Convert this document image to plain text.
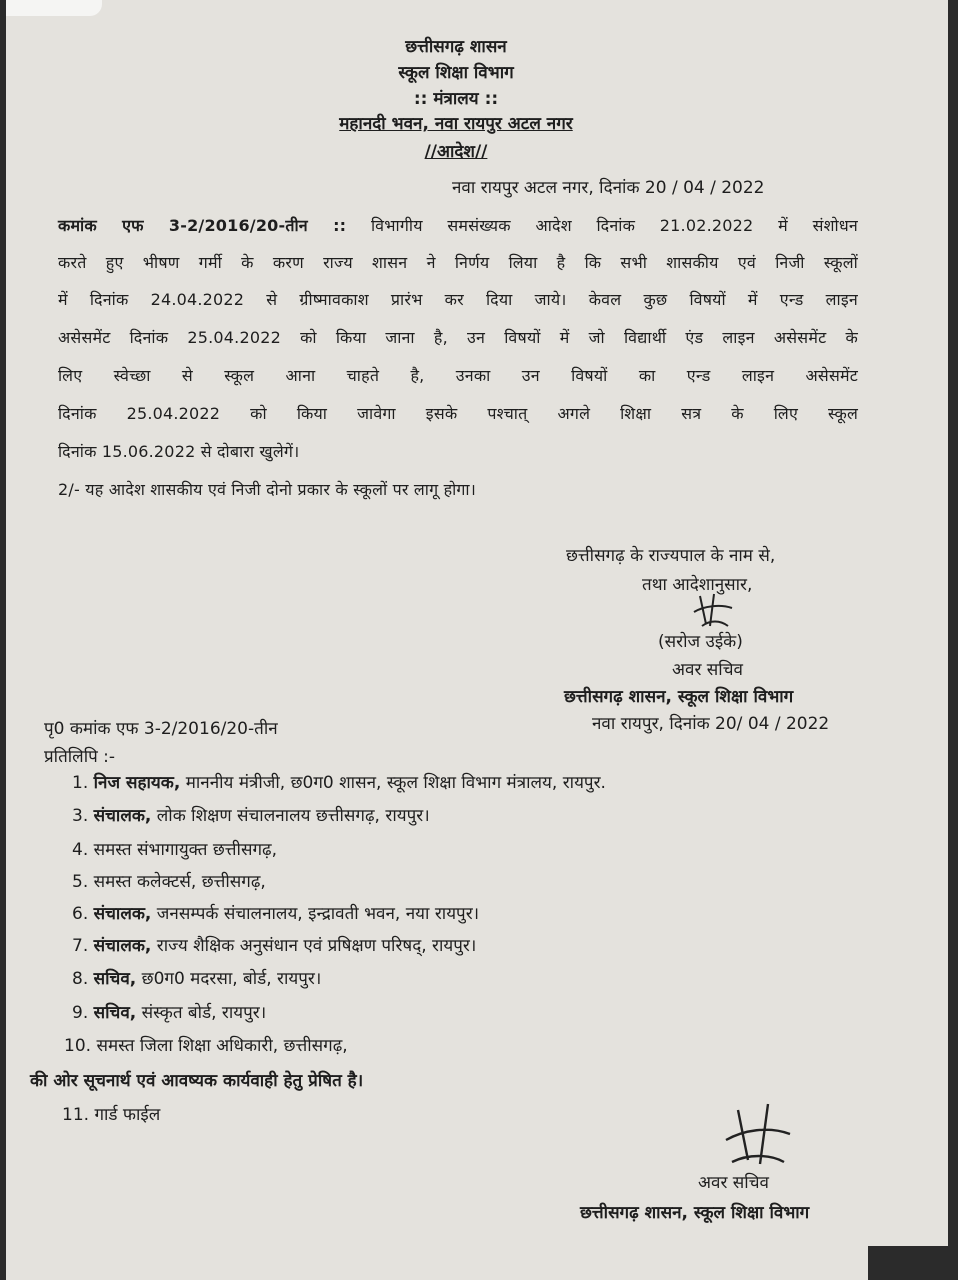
छत्तीसगढ़ शासन
स्कूल शिक्षा विभाग
:: मंत्रालय ::
महानदी भवन, नवा रायपुर अटल नगर
//आदेश//
नवा रायपुर अटल नगर, दिनांक 20 / 04 / 2022
कमांक एफ 3-2/2016/20-तीन :: विभागीय समसंख्यक आदेश दिनांक 21.02.2022 में संशोधन
करते हुए भीषण गर्मी के करण राज्य शासन ने निर्णय लिया है कि सभी शासकीय एवं निजी स्कूलों
में दिनांक 24.04.2022 से ग्रीष्मावकाश प्रारंभ कर दिया जाये। केवल कुछ विषयों में एन्ड लाइन
असेसमेंट दिनांक 25.04.2022 को किया जाना है, उन विषयों में जो विद्यार्थी एंड लाइन असेसमेंट के
लिए स्वेच्छा से स्कूल आना चाहते है, उनका उन विषयों का एन्ड लाइन असेसमेंट
दिनांक 25.04.2022 को किया जावेगा इसके पश्चात् अगले शिक्षा सत्र के लिए स्कूल
दिनांक 15.06.2022 से दोबारा खुलेगें।
2/- यह आदेश शासकीय एवं निजी दोनो प्रकार के स्कूलों पर लागू होगा।
छत्तीसगढ़ के राज्यपाल के नाम से,
तथा आदेशानुसार,
(सरोज उईके)
अवर सचिव
छत्तीसगढ़ शासन, स्कूल शिक्षा विभाग
नवा रायपुर, दिनांक 20/ 04 / 2022
पृ0 कमांक एफ 3-2/2016/20-तीन
प्रतिलिपि :-
1. निज सहायक, माननीय मंत्रीजी, छ0ग0 शासन, स्कूल शिक्षा विभाग मंत्रालय, रायपुर.
3. संचालक, लोक शिक्षण संचालनालय छत्तीसगढ़, रायपुर।
4. समस्त संभागायुक्त छत्तीसगढ़,
5. समस्त कलेक्टर्स, छत्तीसगढ़,
6. संचालक, जनसम्पर्क संचालनालय, इन्द्रावती भवन, नया रायपुर।
7. संचालक, राज्य शैक्षिक अनुसंधान एवं प्रषिक्षण परिषद्, रायपुर।
8. सचिव, छ0ग0 मदरसा, बोर्ड, रायपुर।
9. सचिव, संस्कृत बोर्ड, रायपुर।
10. समस्त जिला शिक्षा अधिकारी, छत्तीसगढ़,
की ओर सूचनार्थ एवं आवष्यक कार्यवाही हेतु प्रेषित है।
11. गार्ड फाईल
अवर सचिव
छत्तीसगढ़ शासन, स्कूल शिक्षा विभाग
